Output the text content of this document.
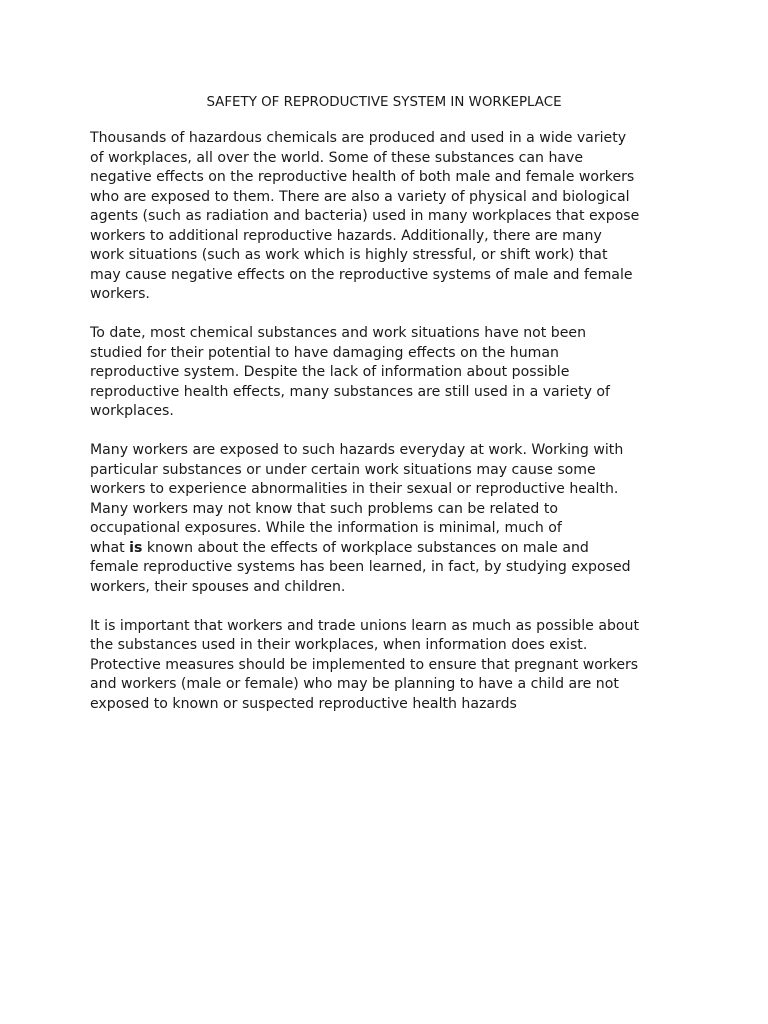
SAFETY OF REPRODUCTIVE SYSTEM IN WORKEPLACE

Thousands of hazardous chemicals are produced and used in a wide variety
of workplaces, all over the world. Some of these substances can have
negative effects on the reproductive health of both male and female workers
who are exposed to them. There are also a variety of physical and biological
agents (such as radiation and bacteria) used in many workplaces that expose
workers to additional reproductive hazards. Additionally, there are many
work situations (such as work which is highly stressful, or shift work) that
may cause negative effects on the reproductive systems of male and female
workers.

To date, most chemical substances and work situations have not been
studied for their potential to have damaging effects on the human
reproductive system. Despite the lack of information about possible
reproductive health effects, many substances are still used in a variety of
workplaces.

Many workers are exposed to such hazards everyday at work. Working with
particular substances or under certain work situations may cause some
workers to experience abnormalities in their sexual or reproductive health.
Many workers may not know that such problems can be related to
occupational exposures. While the information is minimal, much of
what is known about the effects of workplace substances on male and
female reproductive systems has been learned, in fact, by studying exposed
workers, their spouses and children.

It is important that workers and trade unions learn as much as possible about
the substances used in their workplaces, when information does exist.
Protective measures should be implemented to ensure that pregnant workers
and workers (male or female) who may be planning to have a child are not
exposed to known or suspected reproductive health hazards
